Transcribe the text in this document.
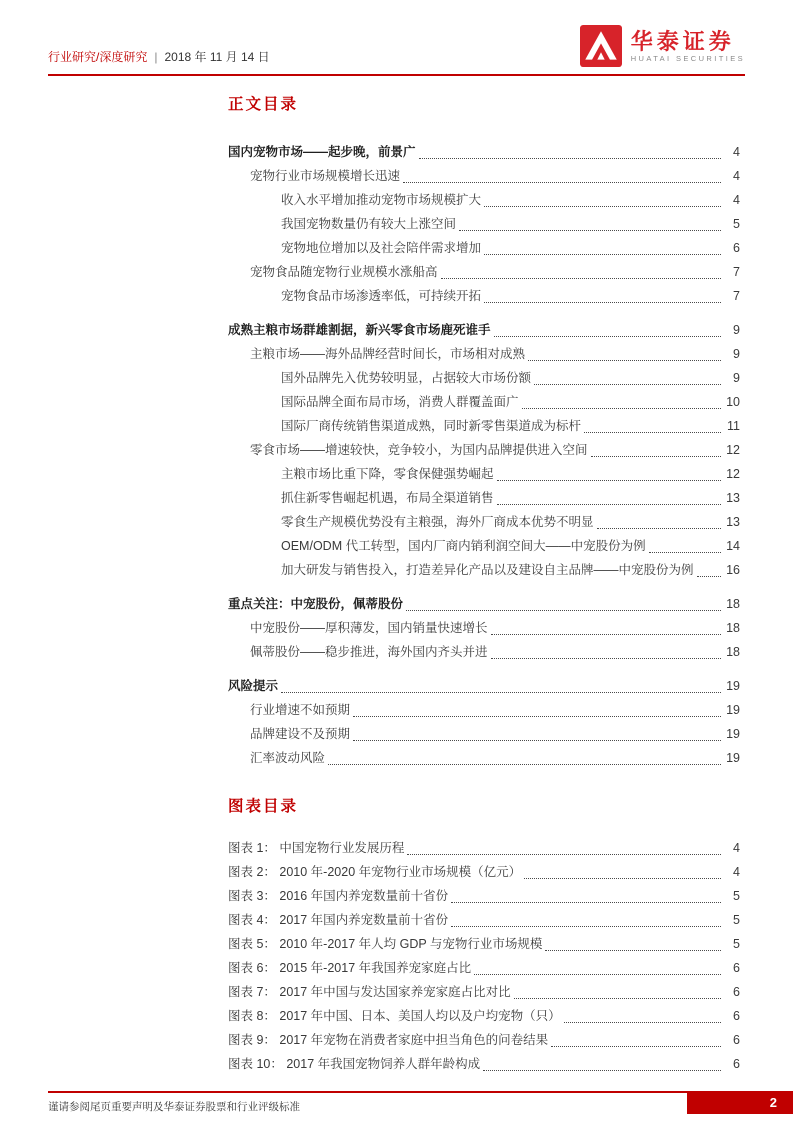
行业研究/深度研究 | 2018 年 11 月 14 日
华泰证券
HUATAI SECURITIES
正文目录
国内宠物市场——起步晚，前景广	4
宠物行业市场规模增长迅速	4
收入水平增加推动宠物市场规模扩大	4
我国宠物数量仍有较大上涨空间	5
宠物地位增加以及社会陪伴需求增加	6
宠物食品随宠物行业规模水涨船高	7
宠物食品市场渗透率低，可持续开拓	7
成熟主粮市场群雄割据，新兴零食市场鹿死谁手	9
主粮市场——海外品牌经营时间长，市场相对成熟	9
国外品牌先入优势较明显，占据较大市场份额	9
国际品牌全面布局市场，消费人群覆盖面广	10
国际厂商传统销售渠道成熟，同时新零售渠道成为标杆	11
零食市场——增速较快，竞争较小，为国内品牌提供进入空间	12
主粮市场比重下降，零食保健强势崛起	12
抓住新零售崛起机遇，布局全渠道销售	13
零食生产规模优势没有主粮强，海外厂商成本优势不明显	13
OEM/ODM 代工转型，国内厂商内销利润空间大——中宠股份为例	14
加大研发与销售投入，打造差异化产品以及建设自主品牌——中宠股份为例	16
重点关注：中宠股份，佩蒂股份	18
中宠股份——厚积薄发，国内销量快速增长	18
佩蒂股份——稳步推进，海外国内齐头并进	18
风险提示	19
行业增速不如预期	19
品牌建设不及预期	19
汇率波动风险	19
图表目录
图表 1： 中国宠物行业发展历程	4
图表 2： 2010 年-2020 年宠物行业市场规模（亿元）	4
图表 3： 2016 年国内养宠数量前十省份	5
图表 4： 2017 年国内养宠数量前十省份	5
图表 5： 2010 年-2017 年人均 GDP 与宠物行业市场规模	5
图表 6： 2015 年-2017 年我国养宠家庭占比	6
图表 7： 2017 年中国与发达国家养宠家庭占比对比	6
图表 8： 2017 年中国、日本、美国人均以及户均宠物（只）	6
图表 9： 2017 年宠物在消费者家庭中担当角色的问卷结果	6
图表 10： 2017 年我国宠物饲养人群年龄构成	6
谨请参阅尾页重要声明及华泰证券股票和行业评级标准	2
